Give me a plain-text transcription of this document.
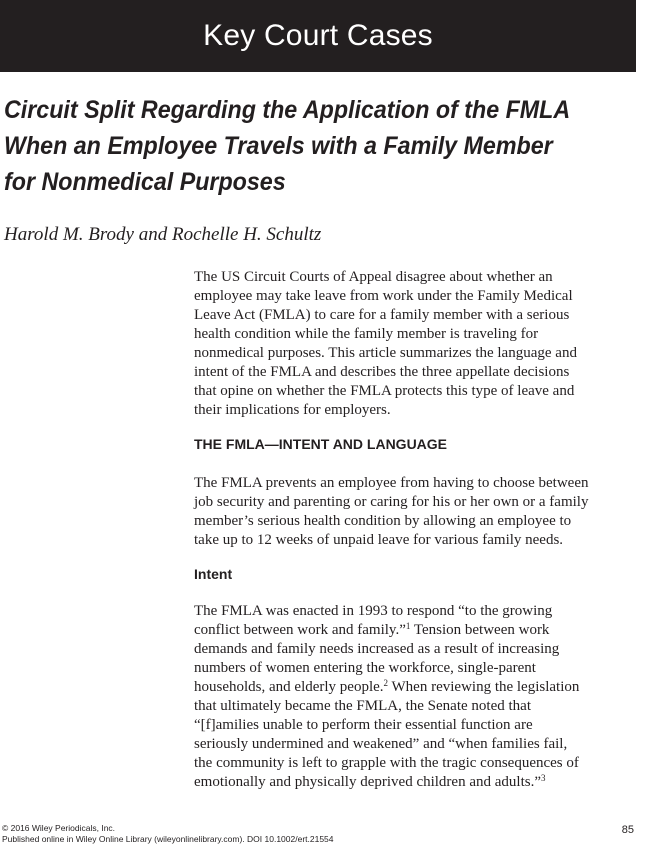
Key Court Cases
Circuit Split Regarding the Application of the FMLA
When an Employee Travels with a Family Member
for Nonmedical Purposes

Harold M. Brody and Rochelle H. Schultz

The US Circuit Courts of Appeal disagree about whether an
employee may take leave from work under the Family Medical
Leave Act (FMLA) to care for a family member with a serious
health condition while the family member is traveling for
nonmedical purposes. This article summarizes the language and
intent of the FMLA and describes the three appellate decisions
that opine on whether the FMLA protects this type of leave and
their implications for employers.

THE FMLA—INTENT AND LANGUAGE

The FMLA prevents an employee from having to choose between
job security and parenting or caring for his or her own or a family
member’s serious health condition by allowing an employee to
take up to 12 weeks of unpaid leave for various family needs.

Intent

The FMLA was enacted in 1993 to respond “to the growing
conflict between work and family.”$^1$ Tension between work
demands and family needs increased as a result of increasing
numbers of women entering the workforce, single-parent
households, and elderly people.$^2$ When reviewing the legislation
that ultimately became the FMLA, the Senate noted that
“[f]amilies unable to perform their essential function are
seriously undermined and weakened” and “when families fail,
the community is left to grapple with the tragic consequences of
emotionally and physically deprived children and adults.”$^3$

© 2016 Wiley Periodicals, Inc.
Published online in Wiley Online Library (wileyonlinelibrary.com). DOI 10.1002/ert.21554
85
